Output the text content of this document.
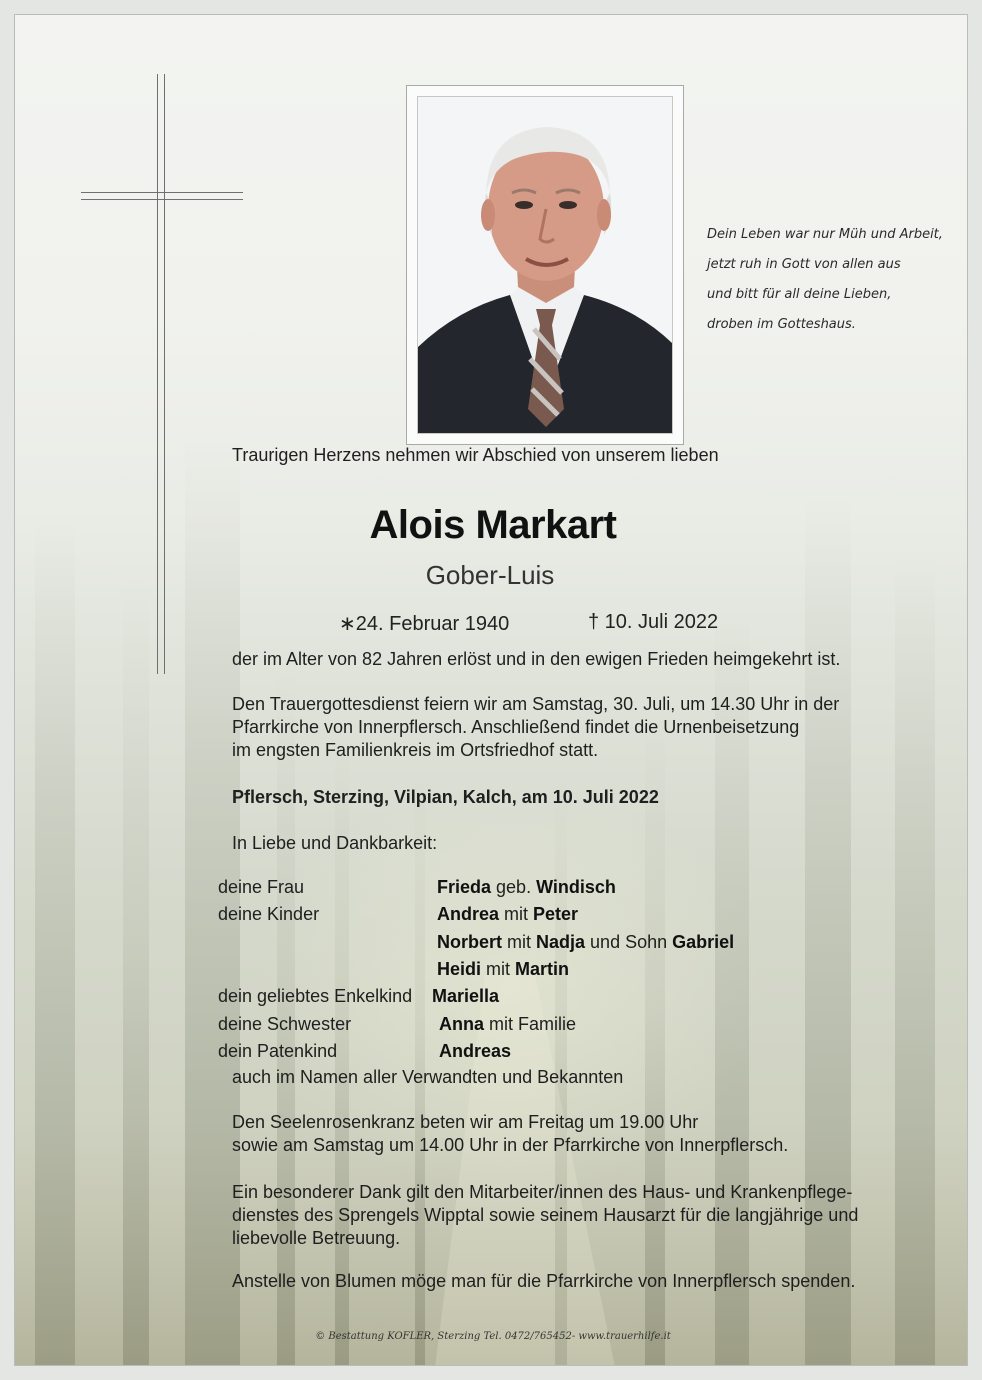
Dein Leben war nur Müh und Arbeit,
jetzt ruh in Gott von allen aus
und bitt für all deine Lieben,
droben im Gotteshaus.
Traurigen Herzens nehmen wir Abschied von unserem lieben
Alois Markart
Gober-Luis
∗24. Februar 1940	† 10. Juli 2022
der im Alter von 82 Jahren erlöst und in den ewigen Frieden heimgekehrt ist.
Den Trauergottesdienst feiern wir am Samstag, 30. Juli, um 14.30 Uhr in der
Pfarrkirche von Innerpflersch. Anschließend findet die Urnenbeisetzung
im engsten Familienkreis im Ortsfriedhof statt.
Pflersch, Sterzing, Vilpian, Kalch, am 10. Juli 2022
In Liebe und Dankbarkeit:
deine Frau	Frieda geb. Windisch
deine Kinder	Andrea mit Peter
Norbert mit Nadja und Sohn Gabriel
Heidi mit Martin
dein geliebtes Enkelkind Mariella
deine Schwester	Anna mit Familie
dein Patenkind	Andreas
auch im Namen aller Verwandten und Bekannten
Den Seelenrosenkranz beten wir am Freitag um 19.00 Uhr
sowie am Samstag um 14.00 Uhr in der Pfarrkirche von Innerpflersch.
Ein besonderer Dank gilt den Mitarbeiter/innen des Haus- und Krankenpflege-
dienstes des Sprengels Wipptal sowie seinem Hausarzt für die langjährige und
liebevolle Betreuung.
Anstelle von Blumen möge man für die Pfarrkirche von Innerpflersch spenden.
© Bestattung KOFLER, Sterzing Tel. 0472/765452- www.trauerhilfe.it
